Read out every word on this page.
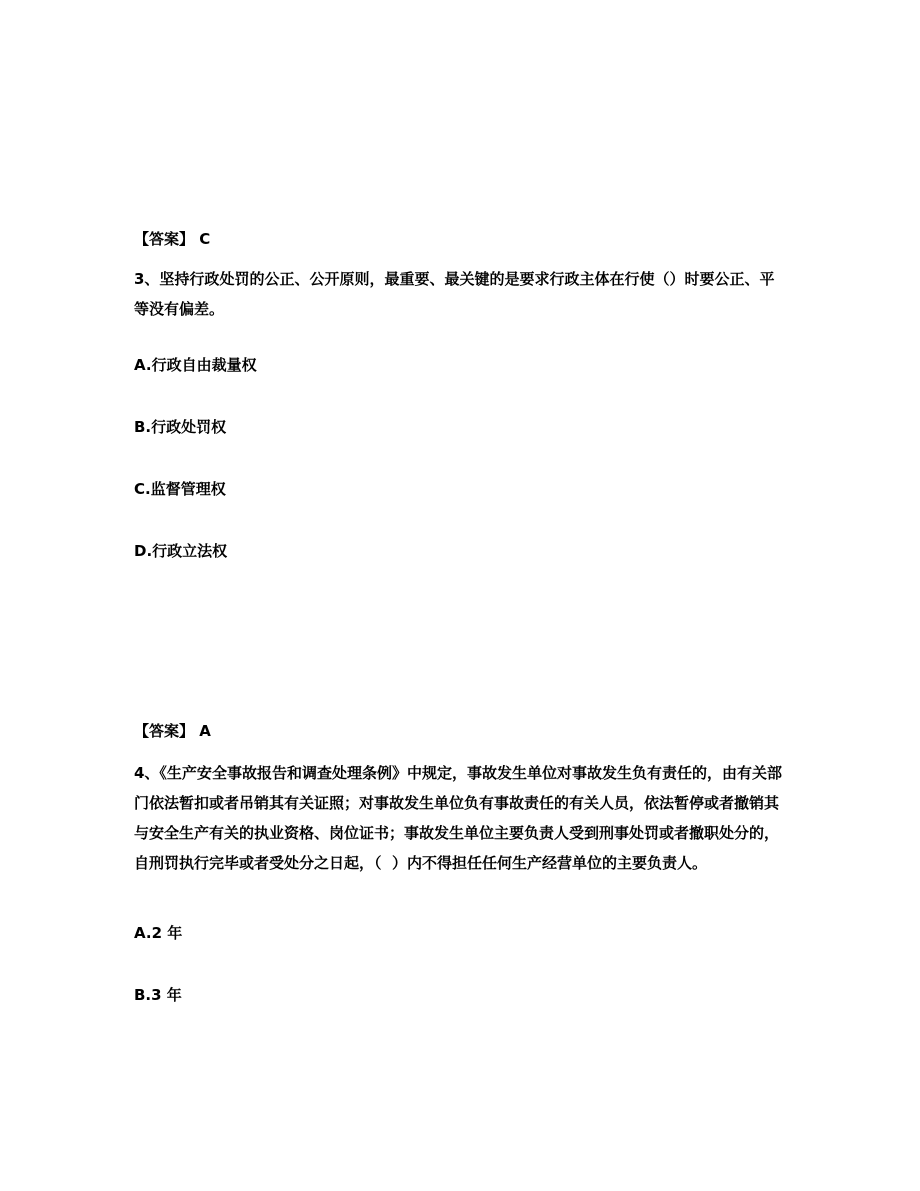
【答案】 C

3、坚持行政处罚的公正、公开原则，最重要、最关键的是要求行政主体在行使（）时要公正、平等没有偏差。

A.行政自由裁量权
B.行政处罚权
C.监督管理权
D.行政立法权
【答案】 A

4、《生产安全事故报告和调查处理条例》中规定，事故发生单位对事故发生负有责任的，由有关部门依法暂扣或者吊销其有关证照；对事故发生单位负有事故责任的有关人员，依法暂停或者撤销其与安全生产有关的执业资格、岗位证书；事故发生单位主要负责人受到刑事处罚或者撤职处分的，自刑罚执行完毕或者受处分之日起，（  ）内不得担任任何生产经营单位的主要负责人。

A.2 年
B.3 年
